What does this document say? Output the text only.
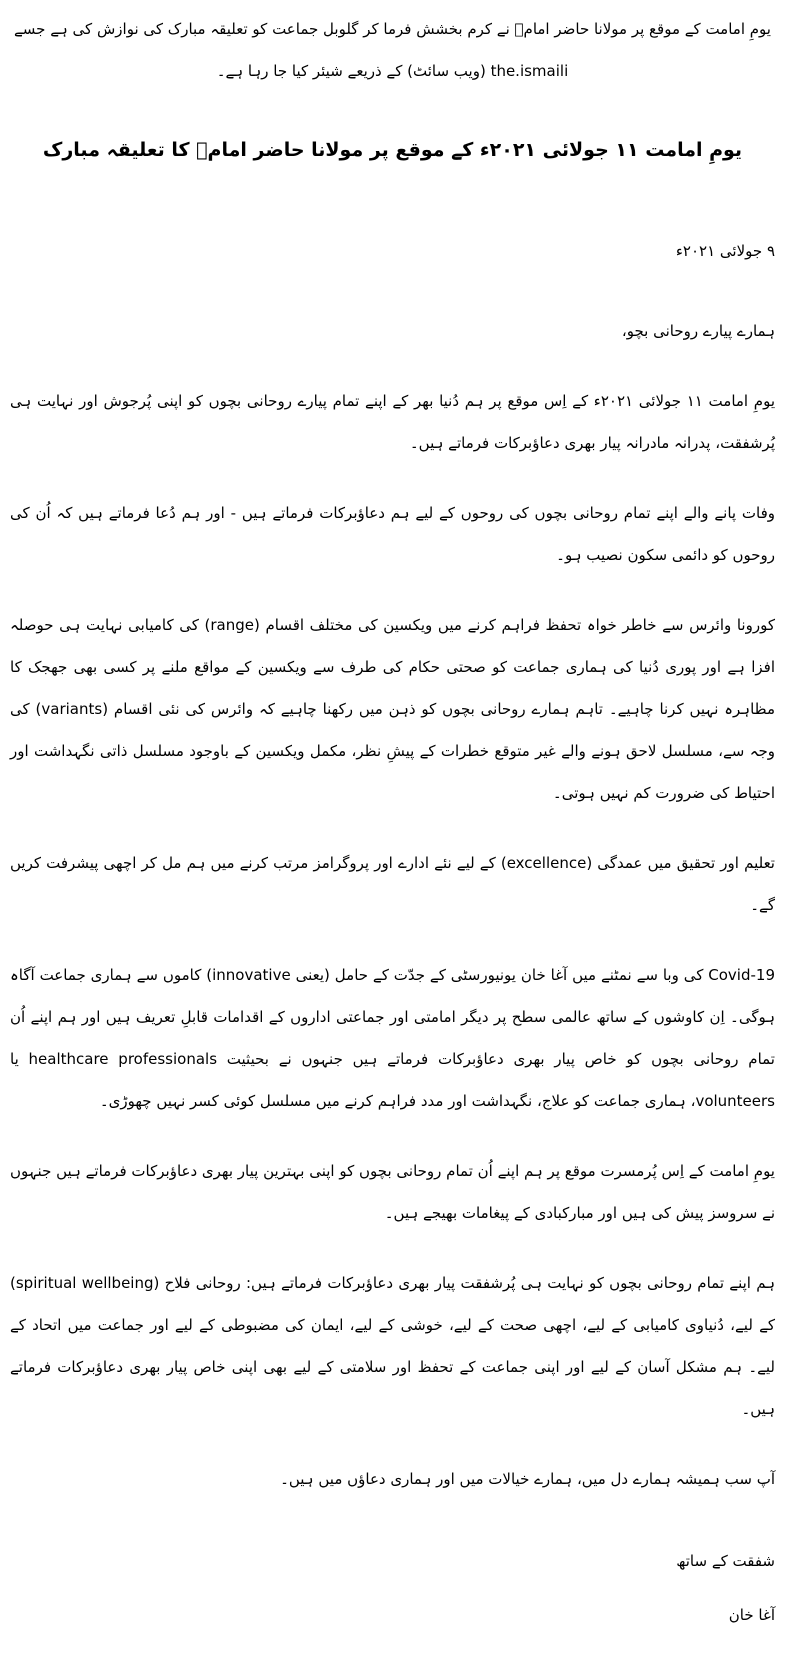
یومِ امامت کے موقع پر مولانا حاضر امامؑ نے کرم بخشش فرما کر گلوبل جماعت کو تعلیقہ مبارک کی نوازش کی ہے جسے the.ismaili (ویب سائٹ) کے ذریعے شیئر کیا جا رہا ہے۔

یومِ امامت ۱۱ جولائی ۲۰۲۱ء کے موقع پر مولانا حاضر امامؑ کا تعلیقہ مبارک

۹ جولائی ۲۰۲۱ء

ہمارے پیارے روحانی بچو،

یومِ امامت ۱۱ جولائی ۲۰۲۱ء کے اِس موقع پر ہم دُنیا بھر کے اپنے تمام پیارے روحانی بچوں کو اپنی پُرجوش اور نہایت ہی پُرشفقت، پدرانہ مادرانہ پیار بھری دعاؤبرکات فرماتے ہیں۔

وفات پانے والے اپنے تمام روحانی بچوں کی روحوں کے لیے ہم دعاؤبرکات فرماتے ہیں - اور ہم دُعا فرماتے ہیں کہ اُن کی روحوں کو دائمی سکون نصیب ہو۔

کورونا وائرس سے خاطر خواہ تحفظ فراہم کرنے میں ویکسین کی مختلف اقسام (range) کی کامیابی نہایت ہی حوصلہ افزا ہے اور پوری دُنیا کی ہماری جماعت کو صحتی حکام کی طرف سے ویکسین کے مواقع ملنے پر کسی بھی جھجک کا مظاہرہ نہیں کرنا چاہیے۔ تاہم ہمارے روحانی بچوں کو ذہن میں رکھنا چاہیے کہ وائرس کی نئی اقسام (variants) کی وجہ سے، مسلسل لاحق ہونے والے غیر متوقع خطرات کے پیشِ نظر، مکمل ویکسین کے باوجود مسلسل ذاتی نگہداشت اور احتیاط کی ضرورت کم نہیں ہوتی۔

تعلیم اور تحقیق میں عمدگی (excellence) کے لیے نئے ادارے اور پروگرامز مرتب کرنے میں ہم مل کر اچھی پیشرفت کریں گے۔

Covid-19 کی وبا سے نمٹنے میں آغا خان یونیورسٹی کے جدّت کے حامل (یعنی innovative) کاموں سے ہماری جماعت آگاہ ہوگی۔ اِن کاوشوں کے ساتھ عالمی سطح پر دیگر امامتی اور جماعتی اداروں کے اقدامات قابلِ تعریف ہیں اور ہم اپنے اُن تمام روحانی بچوں کو خاص پیار بھری دعاؤبرکات فرماتے ہیں جنہوں نے بحیثیت healthcare professionals یا volunteers، ہماری جماعت کو علاج، نگہداشت اور مدد فراہم کرنے میں مسلسل کوئی کسر نہیں چھوڑی۔

یومِ امامت کے اِس پُرمسرت موقع پر ہم اپنے اُن تمام روحانی بچوں کو اپنی بہترین پیار بھری دعاؤبرکات فرماتے ہیں جنہوں نے سروسز پیش کی ہیں اور مبارکبادی کے پیغامات بھیجے ہیں۔

ہم اپنے تمام روحانی بچوں کو نہایت ہی پُرشفقت پیار بھری دعاؤبرکات فرماتے ہیں: روحانی فلاح (spiritual wellbeing) کے لیے، دُنیاوی کامیابی کے لیے، اچھی صحت کے لیے، خوشی کے لیے، ایمان کی مضبوطی کے لیے اور جماعت میں اتحاد کے لیے۔ ہم مشکل آسان کے لیے اور اپنی جماعت کے تحفظ اور سلامتی کے لیے بھی اپنی خاص پیار بھری دعاؤبرکات فرماتے ہیں۔

آپ سب ہمیشہ ہمارے دل میں، ہمارے خیالات میں اور ہماری دعاؤں میں ہیں۔

شفقت کے ساتھ

آغا خان
